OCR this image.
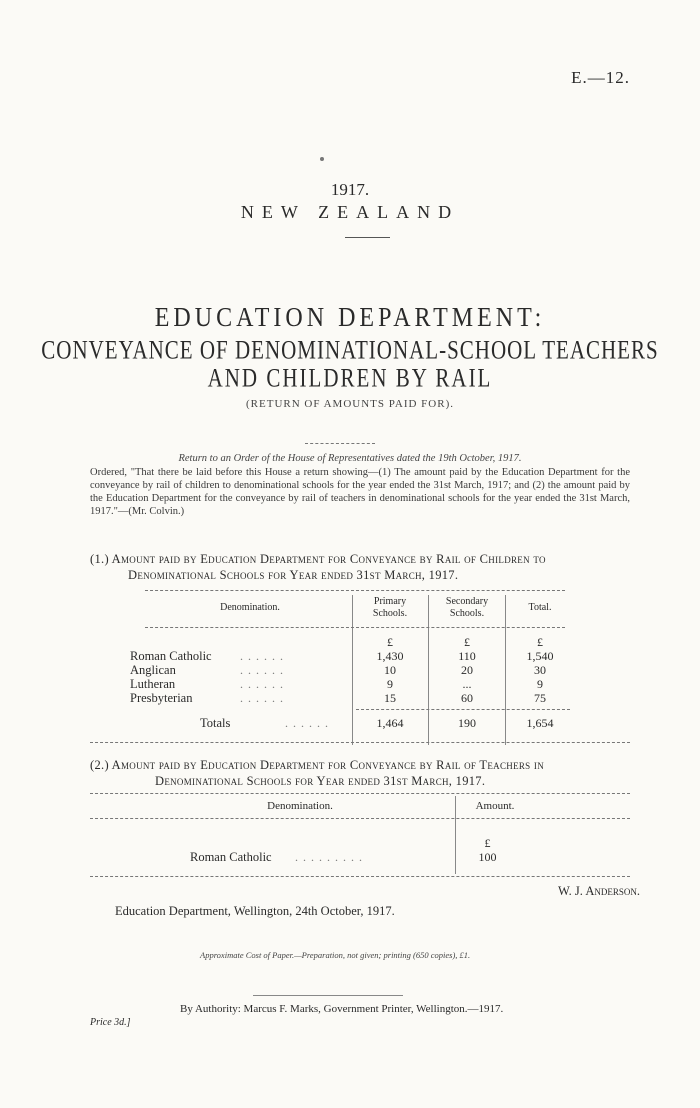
E.—12.
1917.
NEW ZEALAND
EDUCATION DEPARTMENT:
CONVEYANCE OF DENOMINATIONAL-SCHOOL TEACHERS
AND CHILDREN BY RAIL
(RETURN OF AMOUNTS PAID FOR).
Return to an Order of the House of Representatives dated the 19th October, 1917.
Ordered, "That there be laid before this House a return showing—(1) The amount paid by the Education Department for the conveyance by rail of children to denominational schools for the year ended the 31st March, 1917; and (2) the amount paid by the Education Department for the conveyance by rail of teachers in denominational schools for the year ended the 31st March, 1917."—(Mr. Colvin.)
(1.) Amount paid by Education Department for Conveyance by Rail of Children to
Denominational Schools for Year ended 31st March, 1917.
Denomination.
Primary Schools.
Secondary Schools.
Total.
£	£	£
Roman Catholic . . . . . .	1,430	110	1,540
Anglican	. . . . . .	10	20	30
Lutheran	. . . . . .	9	...	9
Presbyterian	. . . . . .	15	60	75
Totals	. . . . . .	1,464	190	1,654
(2.) Amount paid by Education Department for Conveyance by Rail of Teachers in
Denominational Schools for Year ended 31st March, 1917.
Denomination.	Amount.
£
Roman Catholic . . . . . . . . .	100
W. J. Anderson.
Education Department, Wellington, 24th October, 1917.
Approximate Cost of Paper.—Preparation, not given; printing (650 copies), £1.
By Authority: Marcus F. Marks, Government Printer, Wellington.—1917.
Price 3d.]
